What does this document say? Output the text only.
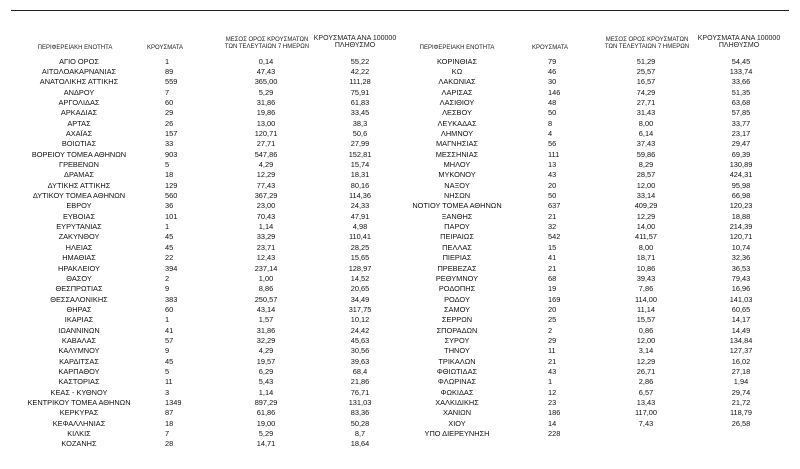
ΠΕΡΙΦΕΡΕΙΑΚΗ ΕΝΟΤΗΤΑ	ΚΡΟΥΣΜΑΤΑ
ΜΕΣΟΣ ΟΡΟΣ ΚΡΟΥΣΜΑΤΩΝ
ΤΩΝ ΤΕΛΕΥΤΑΙΩΝ 7 ΗΜΕΡΩΝ
ΚΡΟΥΣΜΑΤΑ ΑΝΑ 100000
ΠΛΗΘΥΣΜΟ	ΠΕΡΙΦΕΡΕΙΑΚΗ ΕΝΟΤΗΤΑ	ΚΡΟΥΣΜΑΤΑ
ΜΕΣΟΣ ΟΡΟΣ ΚΡΟΥΣΜΑΤΩΝ
ΤΩΝ ΤΕΛΕΥΤΑΙΩΝ 7 ΗΜΕΡΩΝ
ΚΡΟΥΣΜΑΤΑ ΑΝΑ 100000
ΠΛΗΘΥΣΜΟ
ΑΓΙΟ ΟΡΟΣ	1	0,14	55,22
ΑΙΤΩΛΟΑΚΑΡΝΑΝΙΑΣ	89	47,43	42,22
ΑΝΑΤΟΛΙΚΗΣ ΑΤΤΙΚΗΣ	559	365,00	111,28
ΑΝΔΡΟΥ	7	5,29	75,91
ΑΡΓΟΛΙΔΑΣ	60	31,86	61,83
ΑΡΚΑΔΙΑΣ	29	19,86	33,45
ΑΡΤΑΣ	26	13,00	38,3
ΑΧΑΪΑΣ	157	120,71	50,6
ΒΟΙΩΤΙΑΣ	33	27,71	27,99
ΒΟΡΕΙΟΥ ΤΟΜΕΑ ΑΘΗΝΩΝ	903	547,86	152,81
ΓΡΕΒΕΝΩΝ	5	4,29	15,74
ΔΡΑΜΑΣ	18	12,29	18,31
ΔΥΤΙΚΗΣ ΑΤΤΙΚΗΣ	129	77,43	80,16
ΔΥΤΙΚΟΥ ΤΟΜΕΑ ΑΘΗΝΩΝ	560	367,29	114,36
ΕΒΡΟΥ	36	23,00	24,33
ΕΥΒΟΙΑΣ	101	70,43	47,91
ΕΥΡΥΤΑΝΙΑΣ	1	1,14	4,98
ΖΑΚΥΝΘΟΥ	45	33,29	110,41
ΗΛΕΙΑΣ	45	23,71	28,25
ΗΜΑΘΙΑΣ	22	12,43	15,65
ΗΡΑΚΛΕΙΟΥ	394	237,14	128,97
ΘΑΣΟΥ	2	1,00	14,52
ΘΕΣΠΡΩΤΙΑΣ	9	8,86	20,65
ΘΕΣΣΑΛΟΝΙΚΗΣ	383	250,57	34,49
ΘΗΡΑΣ	60	43,14	317,75
ΙΚΑΡΙΑΣ	1	1,57	10,12
ΙΩΑΝΝΙΝΩΝ	41	31,86	24,42
ΚΑΒΑΛΑΣ	57	32,29	45,63
ΚΑΛΥΜΝΟΥ	9	4,29	30,56
ΚΑΡΔΙΤΣΑΣ	45	19,57	39,63
ΚΑΡΠΑΘΟΥ	5	6,29	68,4
ΚΑΣΤΟΡΙΑΣ	11	5,43	21,86
ΚΕΑΣ - ΚΥΘΝΟΥ	3	1,14	76,71
ΚΕΝΤΡΙΚΟΥ ΤΟΜΕΑ ΑΘΗΝΩΝ	1349	897,29	131,03
ΚΕΡΚΥΡΑΣ	87	61,86	83,36
ΚΕΦΑΛΛΗΝΙΑΣ	18	19,00	50,28
ΚΙΛΚΙΣ	7	5,29	8,7
ΚΟΖΑΝΗΣ	28	14,71	18,64
ΚΟΡΙΝΘΙΑΣ	79	51,29	54,45
ΚΩ	46	25,57	133,74
ΛΑΚΩΝΙΑΣ	30	16,57	33,66
ΛΑΡΙΣΑΣ	146	74,29	51,35
ΛΑΣΙΘΙΟΥ	48	27,71	63,68
ΛΕΣΒΟΥ	50	31,43	57,85
ΛΕΥΚΑΔΑΣ	8	8,00	33,77
ΛΗΜΝΟΥ	4	6,14	23,17
ΜΑΓΝΗΣΙΑΣ	56	37,43	29,47
ΜΕΣΣΗΝΙΑΣ	111	59,86	69,39
ΜΗΛΟΥ	13	8,29	130,89
ΜΥΚΟΝΟΥ	43	28,57	424,31
ΝΑΞΟΥ	20	12,00	95,98
ΝΗΣΩΝ	50	33,14	66,98
ΝΟΤΙΟΥ ΤΟΜΕΑ ΑΘΗΝΩΝ	637	409,29	120,23
ΞΑΝΘΗΣ	21	12,29	18,88
ΠΑΡΟΥ	32	14,00	214,39
ΠΕΙΡΑΙΩΣ	542	411,57	120,71
ΠΕΛΛΑΣ	15	8,00	10,74
ΠΙΕΡΙΑΣ	41	18,71	32,36
ΠΡΕΒΕΖΑΣ	21	10,86	36,53
ΡΕΘΥΜΝΟΥ	68	39,43	79,43
ΡΟΔΟΠΗΣ	19	7,86	16,96
ΡΟΔΟΥ	169	114,00	141,03
ΣΑΜΟΥ	20	11,14	60,65
ΣΕΡΡΩΝ	25	15,57	14,17
ΣΠΟΡΑΔΩΝ	2	0,86	14,49
ΣΥΡΟΥ	29	12,00	134,84
ΤΗΝΟΥ	11	3,14	127,37
ΤΡΙΚΑΛΩΝ	21	12,29	16,02
ΦΘΙΩΤΙΔΑΣ	43	26,71	27,18
ΦΛΩΡΙΝΑΣ	1	2,86	1,94
ΦΩΚΙΔΑΣ	12	6,57	29,74
ΧΑΛΚΙΔΙΚΗΣ	23	13,43	21,72
ΧΑΝΙΩΝ	186	117,00	118,79
ΧΙΟΥ	14	7,43	26,58
ΥΠΟ ΔΙΕΡΕΥΝΗΣΗ	228
